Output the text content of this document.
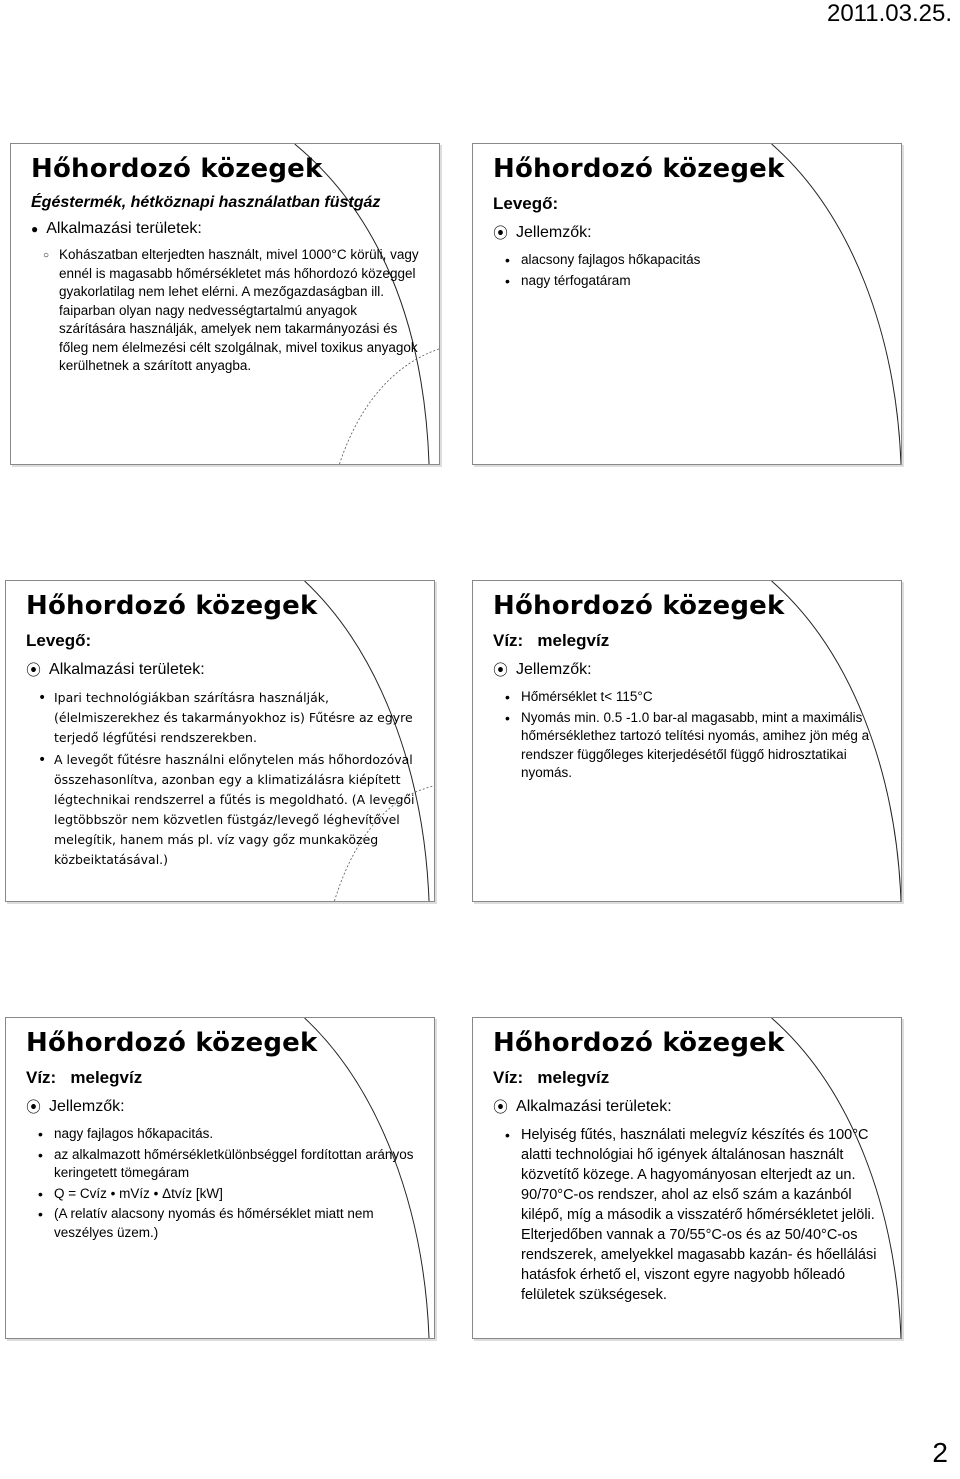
2011.03.25.
Hőhordozó közegek
Égéstermék, hétköznapi használatban füstgáz
● Alkalmazási területek:
○ Kohászatban elterjedten használt, mivel 1000°C körüli, vagy ennél is magasabb hőmérsékletet más hőhordozó közeggel gyakorlatilag nem lehet elérni. A mezőgazdaságban ill. faiparban olyan nagy nedvességtartalmú anyagok szárítására használják, amelyek nem takarmányozási és főleg nem élelmezési célt szolgálnak, mivel toxikus anyagok kerülhetnek a szárított anyagba.
Hőhordozó közegek
Levegő:
⦿ Jellemzők:
• alacsony fajlagos hőkapacitás
• nagy térfogatáram
Hőhordozó közegek
Levegő:
⦿ Alkalmazási területek:
• Ipari technológiákban szárításra használják, (élelmiszerekhez és takarmányokhoz is) Fűtésre az egyre terjedő légfűtési rendszerekben.
• A levegőt fűtésre használni előnytelen más hőhordozóval összehasonlítva, azonban egy a klimatizálásra kiépített légtechnikai rendszerrel a fűtés is megoldható. (A levegői legtöbbször nem közvetlen füstgáz/levegő léghevítővel melegítik, hanem más pl. víz vagy gőz munkaközeg közbeiktatásával.)
Hőhordozó közegek
Víz:   melegvíz
⦿ Jellemzők:
• Hőmérséklet t< 115°C
• Nyomás min. 0.5 -1.0 bar-al magasabb, mint a maximális hőmérséklethez tartozó telítési nyomás, amihez jön még a rendszer függőleges kiterjedésétől függő hidrosztatikai nyomás.
Hőhordozó közegek
Víz:   melegvíz
⦿ Jellemzők:
• nagy fajlagos hőkapacitás.
• az alkalmazott hőmérsékletkülönbséggel fordítottan arányos keringetett tömegáram
• Q = Cvíz • mVíz • Δtvíz [kW]
• (A relatív alacsony nyomás és hőmérséklet miatt nem veszélyes üzem.)
Hőhordozó közegek
Víz:   melegvíz
⦿ Alkalmazási területek:
• Helyiség fűtés, használati melegvíz készítés és 100°C alatti technológiai hő igények általánosan használt közvetítő közege. A hagyományosan elterjedt az un. 90/70°C-os rendszer, ahol az első szám a kazánból kilépő, míg a második a visszatérő hőmérsékletet jelöli. Elterjedőben vannak a 70/55°C-os és az 50/40°C-os rendszerek, amelyekkel magasabb kazán- és hőellálási hatásfok érhető el, viszont egyre nagyobb hőleadó felületek szükségesek.
2
